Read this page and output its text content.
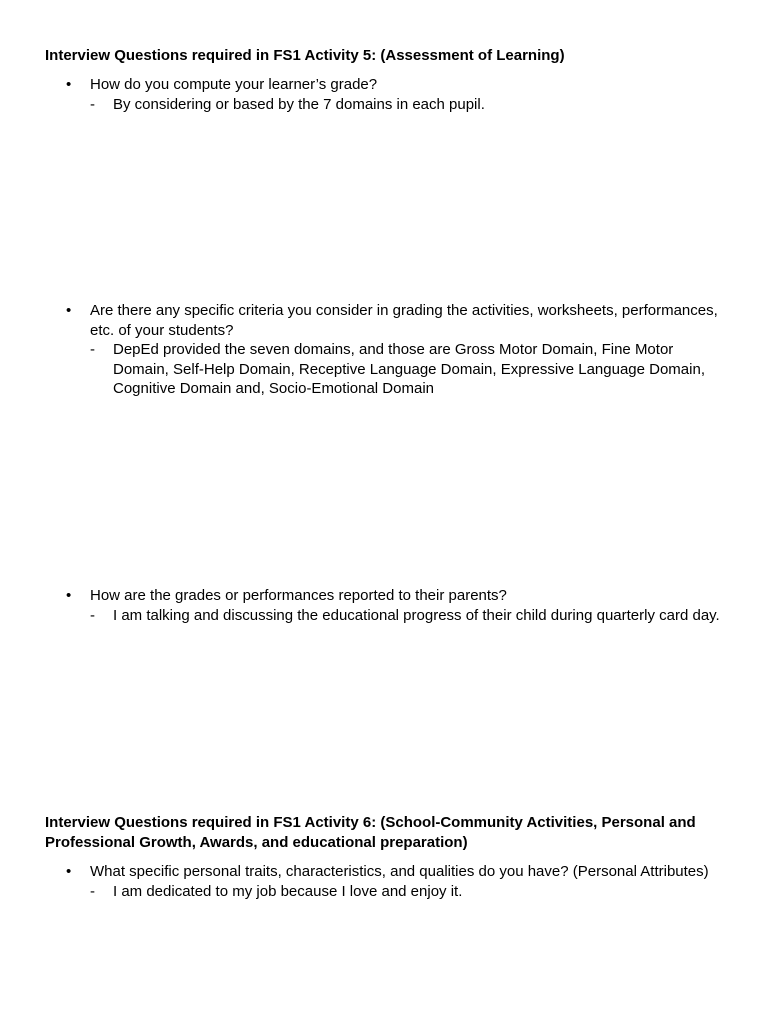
Interview Questions required in FS1 Activity 5: (Assessment of Learning)

• How do you compute your learner’s grade?

- By considering or based by the 7 domains in each pupil.

• Are there any specific criteria you consider in grading the activities, worksheets, performances, etc. of your students?

- DepEd provided the seven domains, and those are Gross Motor Domain, Fine Motor Domain, Self-Help Domain, Receptive Language Domain, Expressive Language Domain, Cognitive Domain and, Socio-Emotional Domain

• How are the grades or performances reported to their parents?

- I am talking and discussing the educational progress of their child during quarterly card day.

Interview Questions required in FS1 Activity 6: (School-Community Activities, Personal and Professional Growth, Awards, and educational preparation)

• What specific personal traits, characteristics, and qualities do you have? (Personal Attributes)

- I am dedicated to my job because I love and enjoy it.
